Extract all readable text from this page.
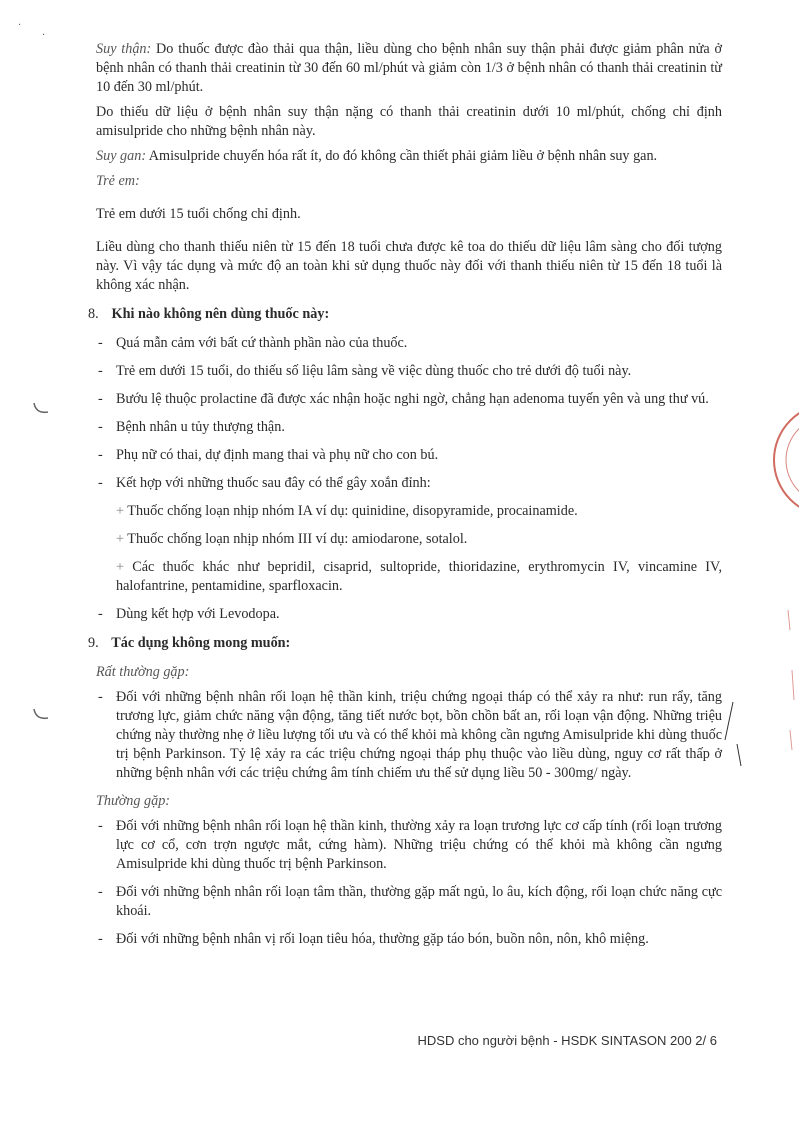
·
·

Suy thận: Do thuốc được đào thải qua thận, liều dùng cho bệnh nhân suy thận phải được giảm phân nửa ở bệnh nhân có thanh thải creatinin từ 30 đến 60 ml/phút và giảm còn 1/3 ở bệnh nhân có thanh thải creatinin từ 10 đến 30 ml/phút.

Do thiếu dữ liệu ở bệnh nhân suy thận nặng có thanh thải creatinin dưới 10 ml/phút, chống chỉ định amisulpride cho những bệnh nhân này.

Suy gan: Amisulpride chuyển hóa rất ít, do đó không cần thiết phải giảm liều ở bệnh nhân suy gan.

Trẻ em:

Trẻ em dưới 15 tuổi chống chỉ định.

Liều dùng cho thanh thiếu niên từ 15 đến 18 tuổi chưa được kê toa do thiếu dữ liệu lâm sàng cho đối tượng này. Vì vậy tác dụng và mức độ an toàn khi sử dụng thuốc này đối với thanh thiếu niên từ 15 đến 18 tuổi là không xác nhận.

8. Khi nào không nên dùng thuốc này:

- Quá mẫn cảm với bất cứ thành phần nào của thuốc.

- Trẻ em dưới 15 tuổi, do thiếu số liệu lâm sàng về việc dùng thuốc cho trẻ dưới độ tuổi này.

- Bướu lệ thuộc prolactine đã được xác nhận hoặc nghi ngờ, chẳng hạn adenoma tuyến yên và ung thư vú.

- Bệnh nhân u tủy thượng thận.

- Phụ nữ có thai, dự định mang thai và phụ nữ cho con bú.

- Kết hợp với những thuốc sau đây có thể gây xoắn đỉnh:

+ Thuốc chống loạn nhịp nhóm IA ví dụ: quinidine, disopyramide, procainamide.

+ Thuốc chống loạn nhịp nhóm III ví dụ: amiodarone, sotalol.

+ Các thuốc khác như bepridil, cisaprid, sultopride, thioridazine, erythromycin IV, vincamine IV, halofantrine, pentamidine, sparfloxacin.

- Dùng kết hợp với Levodopa.

9. Tác dụng không mong muốn:

Rất thường gặp:

- Đối với những bệnh nhân rối loạn hệ thần kinh, triệu chứng ngoại tháp có thể xảy ra như: run rẩy, tăng trương lực, giảm chức năng vận động, tăng tiết nước bọt, bồn chồn bất an, rối loạn vận động. Những triệu chứng này thường nhẹ ở liều lượng tối ưu và có thể khỏi mà không cần ngưng Amisulpride khi dùng thuốc trị bệnh Parkinson. Tỷ lệ xảy ra các triệu chứng ngoại tháp phụ thuộc vào liều dùng, nguy cơ rất thấp ở những bệnh nhân với các triệu chứng âm tính chiếm ưu thế sử dụng liều 50 - 300mg/ ngày.

Thường gặp:

- Đối với những bệnh nhân rối loạn hệ thần kinh, thường xảy ra loạn trương lực cơ cấp tính (rối loạn trương lực cơ cổ, cơn trợn ngược mắt, cứng hàm). Những triệu chứng có thể khỏi mà không cần ngưng Amisulpride khi dùng thuốc trị bệnh Parkinson.

- Đối với những bệnh nhân rối loạn tâm thần, thường gặp mất ngủ, lo âu, kích động, rối loạn chức năng cực khoái.

- Đối với những bệnh nhân vị rối loạn tiêu hóa, thường gặp táo bón, buồn nôn, nôn, khô miệng.

HDSD cho người bệnh - HSDK SINTASON 200 2/ 6
